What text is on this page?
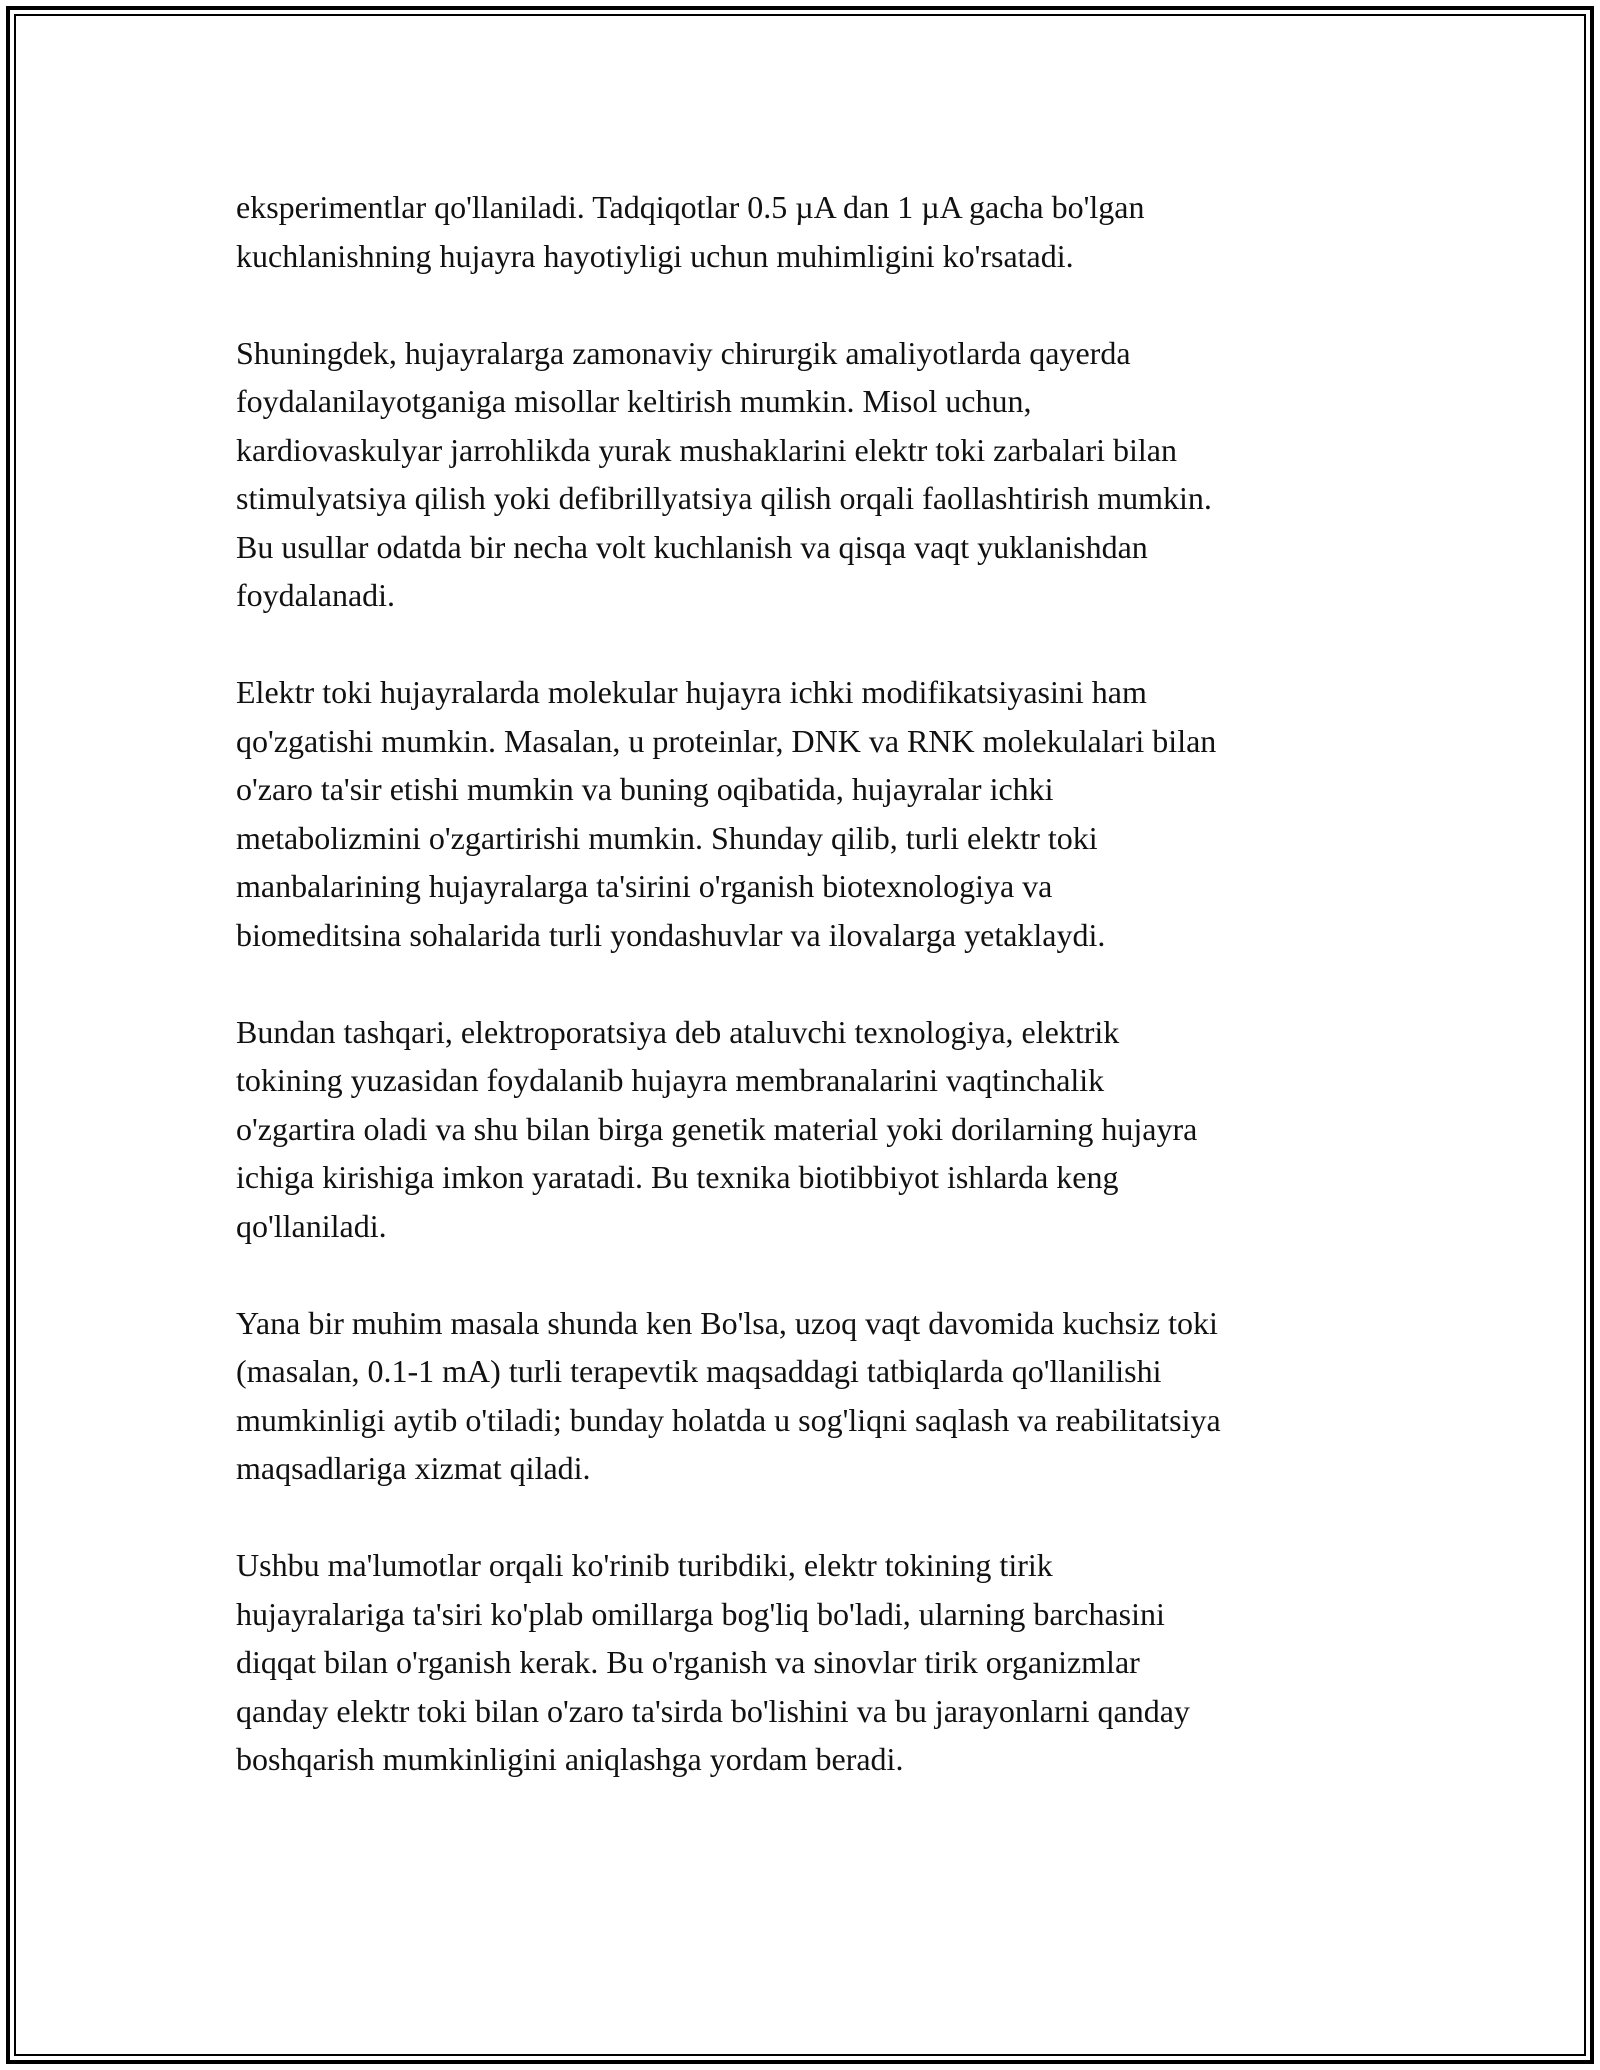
eksperimentlar qo'llaniladi. Tadqiqotlar 0.5 µA dan 1 µA gacha bo'lgan
kuchlanishning hujayra hayotiyligi uchun muhimligini ko'rsatadi.

Shuningdek, hujayralarga zamonaviy chirurgik amaliyotlarda qayerda
foydalanilayotganiga misollar keltirish mumkin. Misol uchun,
kardiovaskulyar jarrohlikda yurak mushaklarini elektr toki zarbalari bilan
stimulyatsiya qilish yoki defibrillyatsiya qilish orqali faollashtirish mumkin.
Bu usullar odatda bir necha volt kuchlanish va qisqa vaqt yuklanishdan
foydalanadi.

Elektr toki hujayralarda molekular hujayra ichki modifikatsiyasini ham
qo'zgatishi mumkin. Masalan, u proteinlar, DNK va RNK molekulalari bilan
o'zaro ta'sir etishi mumkin va buning oqibatida, hujayralar ichki
metabolizmini o'zgartirishi mumkin. Shunday qilib, turli elektr toki
manbalarining hujayralarga ta'sirini o'rganish biotexnologiya va
biomeditsina sohalarida turli yondashuvlar va ilovalarga yetaklaydi.

Bundan tashqari, elektroporatsiya deb ataluvchi texnologiya, elektrik
tokining yuzasidan foydalanib hujayra membranalarini vaqtinchalik
o'zgartira oladi va shu bilan birga genetik material yoki dorilarning hujayra
ichiga kirishiga imkon yaratadi. Bu texnika biotibbiyot ishlarda keng
qo'llaniladi.

Yana bir muhim masala shunda ken Bo'lsa, uzoq vaqt davomida kuchsiz toki
(masalan, 0.1-1 mA) turli terapevtik maqsaddagi tatbiqlarda qo'llanilishi
mumkinligi aytib o'tiladi; bunday holatda u sog'liqni saqlash va reabilitatsiya
maqsadlariga xizmat qiladi.

Ushbu ma'lumotlar orqali ko'rinib turibdiki, elektr tokining tirik
hujayralariga ta'siri ko'plab omillarga bog'liq bo'ladi, ularning barchasini
diqqat bilan o'rganish kerak. Bu o'rganish va sinovlar tirik organizmlar
qanday elektr toki bilan o'zaro ta'sirda bo'lishini va bu jarayonlarni qanday
boshqarish mumkinligini aniqlashga yordam beradi.
